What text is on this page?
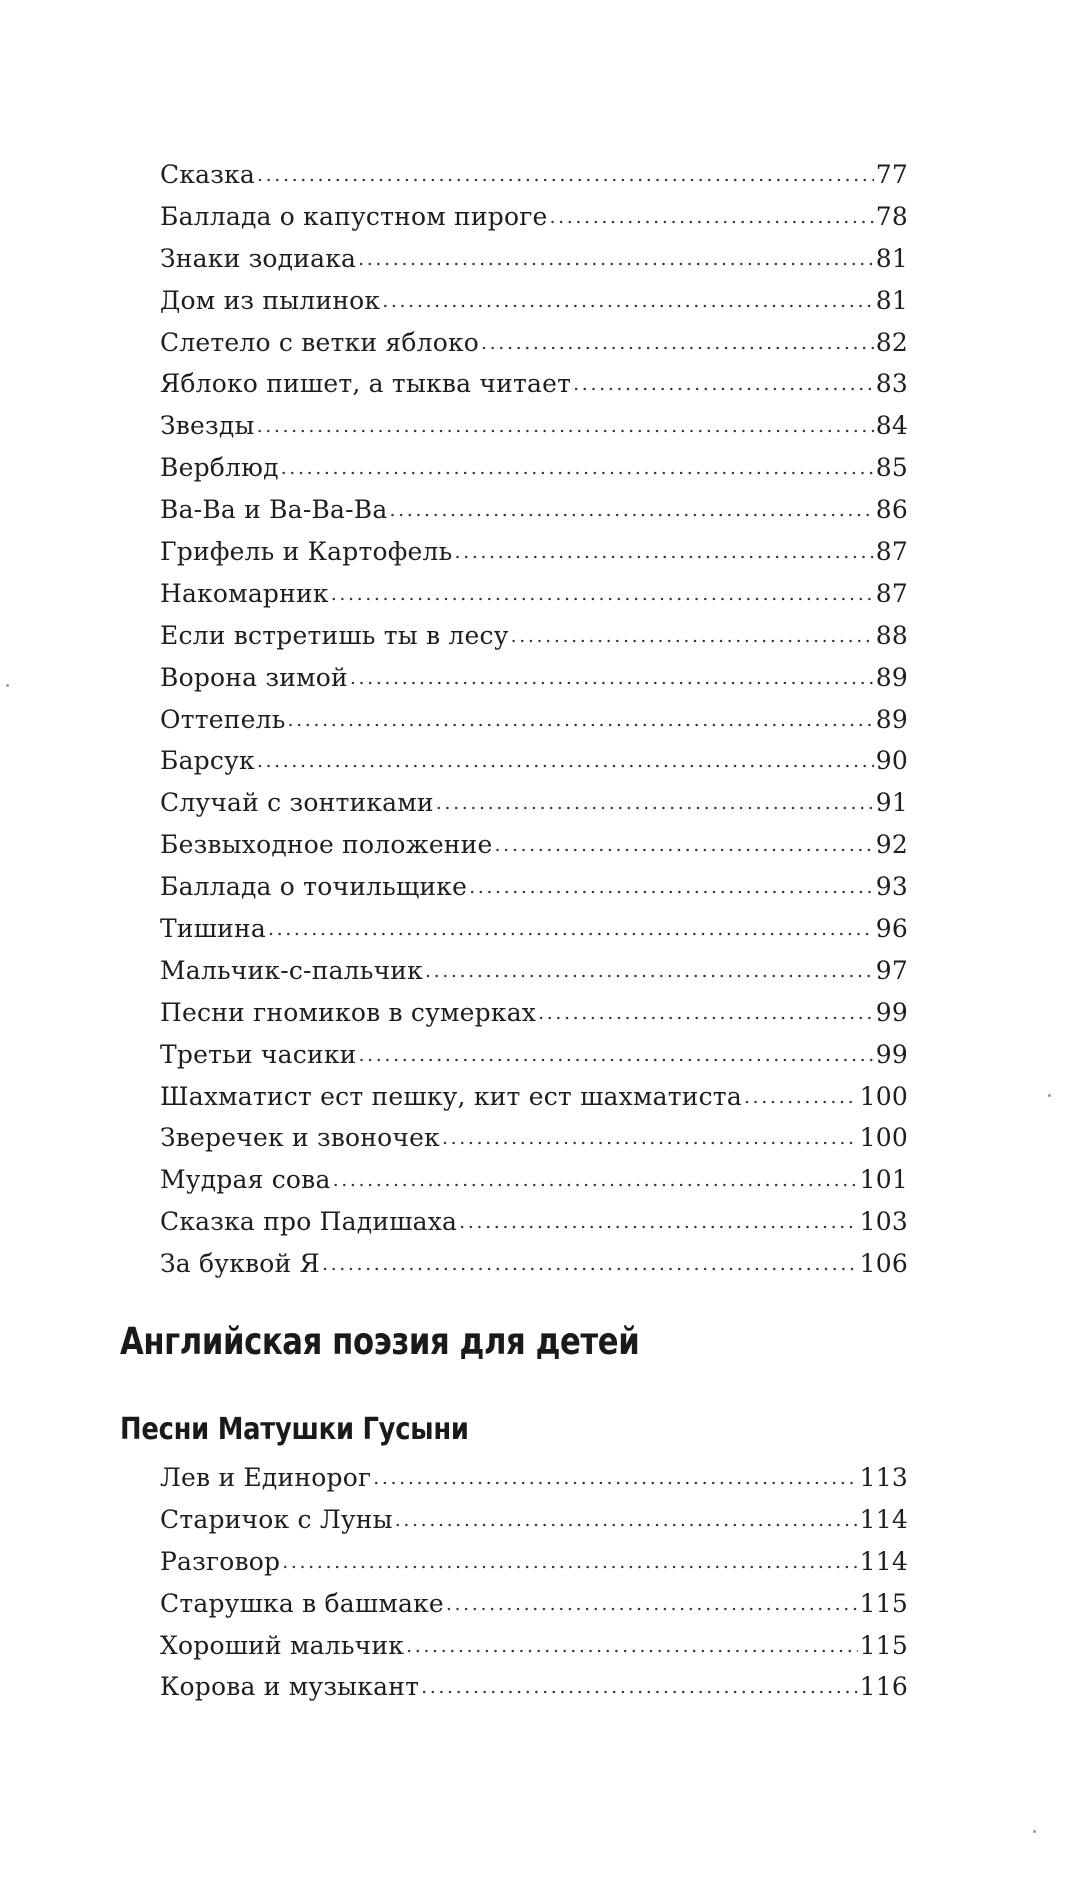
Сказка .....	77
Баллада о капустном пироге .....	78
Знаки зодиака .....	81
Дом из пылинок .....	81
Слетело с ветки яблоко .....	82
Яблоко пишет, а тыква читает .....	83
Звезды .....	84
Верблюд .....	85
Ва-Ва и Ва-Ва-Ва .....	86
Грифель и Картофель .....	87
Накомарник .....	87
Если встретишь ты в лесу .....	88
Ворона зимой .....	89
Оттепель .....	89
Барсук .....	90
Случай с зонтиками .....	91
Безвыходное положение .....	92
Баллада о точильщике .....	93
Тишина .....	96
Мальчик-с-пальчик .....	97
Песни гномиков в сумерках .....	99
Третьи часики .....	99
Шахматист ест пешку, кит ест шахматиста .....	100
Зверечек и звоночек .....	100
Мудрая сова .....	101
Сказка про Падишаха .....	103
За буквой Я .....	106
Английская поэзия для детей
Песни Матушки Гусыни
Лев и Единорог .....	113
Старичок с Луны .....	114
Разговор .....	114
Старушка в башмаке .....	115
Хороший мальчик .....	115
Корова и музыкант .....	116
